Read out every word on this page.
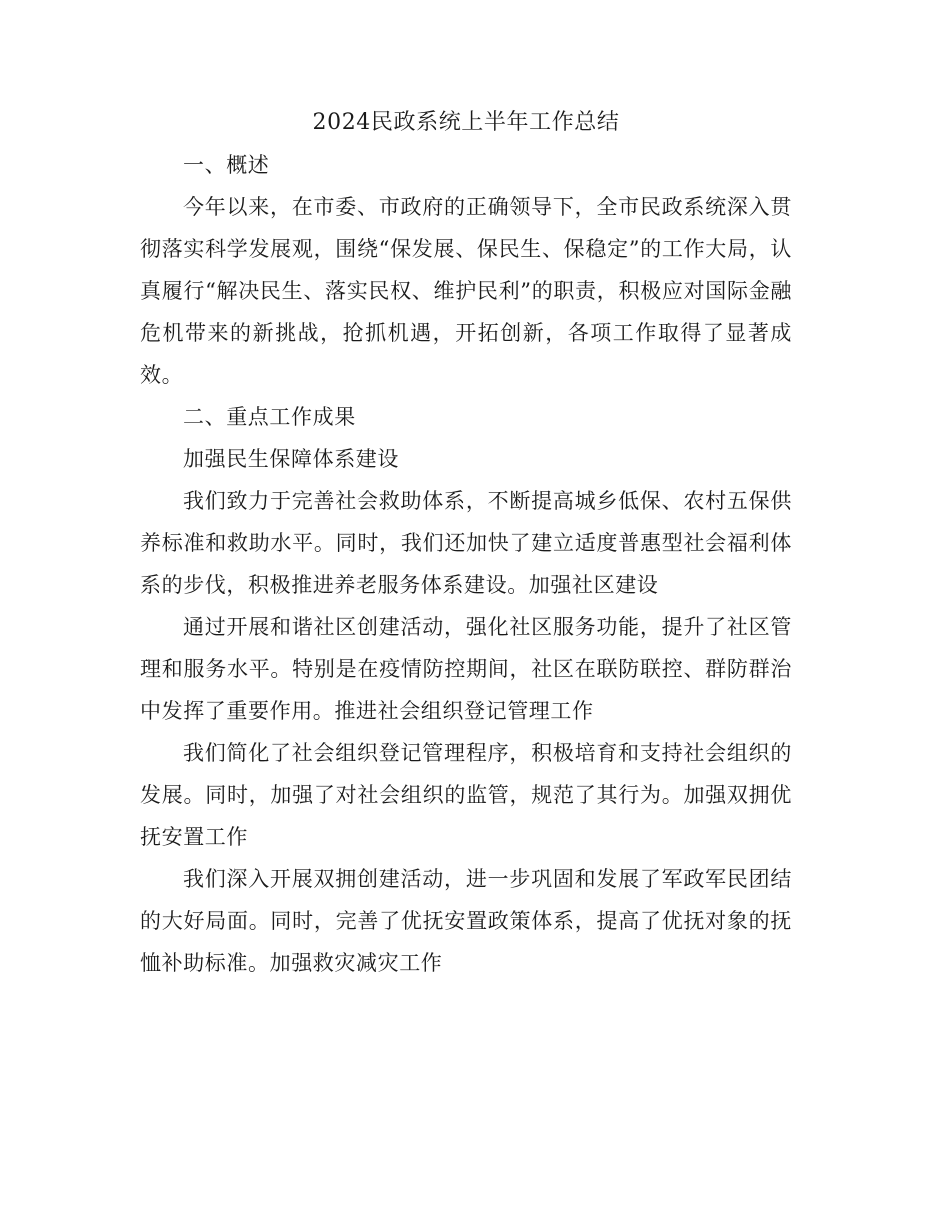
2024民政系统上半年工作总结

一、概述

今年以来，在市委、市政府的正确领导下，全市民政系统深入贯彻落实科学发展观，围绕“保发展、保民生、保稳定”的工作大局，认真履行“解决民生、落实民权、维护民利”的职责，积极应对国际金融危机带来的新挑战，抢抓机遇，开拓创新，各项工作取得了显著成效。

二、重点工作成果

加强民生保障体系建设

我们致力于完善社会救助体系，不断提高城乡低保、农村五保供养标准和救助水平。同时，我们还加快了建立适度普惠型社会福利体系的步伐，积极推进养老服务体系建设。加强社区建设

通过开展和谐社区创建活动，强化社区服务功能，提升了社区管理和服务水平。特别是在疫情防控期间，社区在联防联控、群防群治中发挥了重要作用。推进社会组织登记管理工作

我们简化了社会组织登记管理程序，积极培育和支持社会组织的发展。同时，加强了对社会组织的监管，规范了其行为。加强双拥优抚安置工作

我们深入开展双拥创建活动，进一步巩固和发展了军政军民团结的大好局面。同时，完善了优抚安置政策体系，提高了优抚对象的抚恤补助标准。加强救灾减灾工作
